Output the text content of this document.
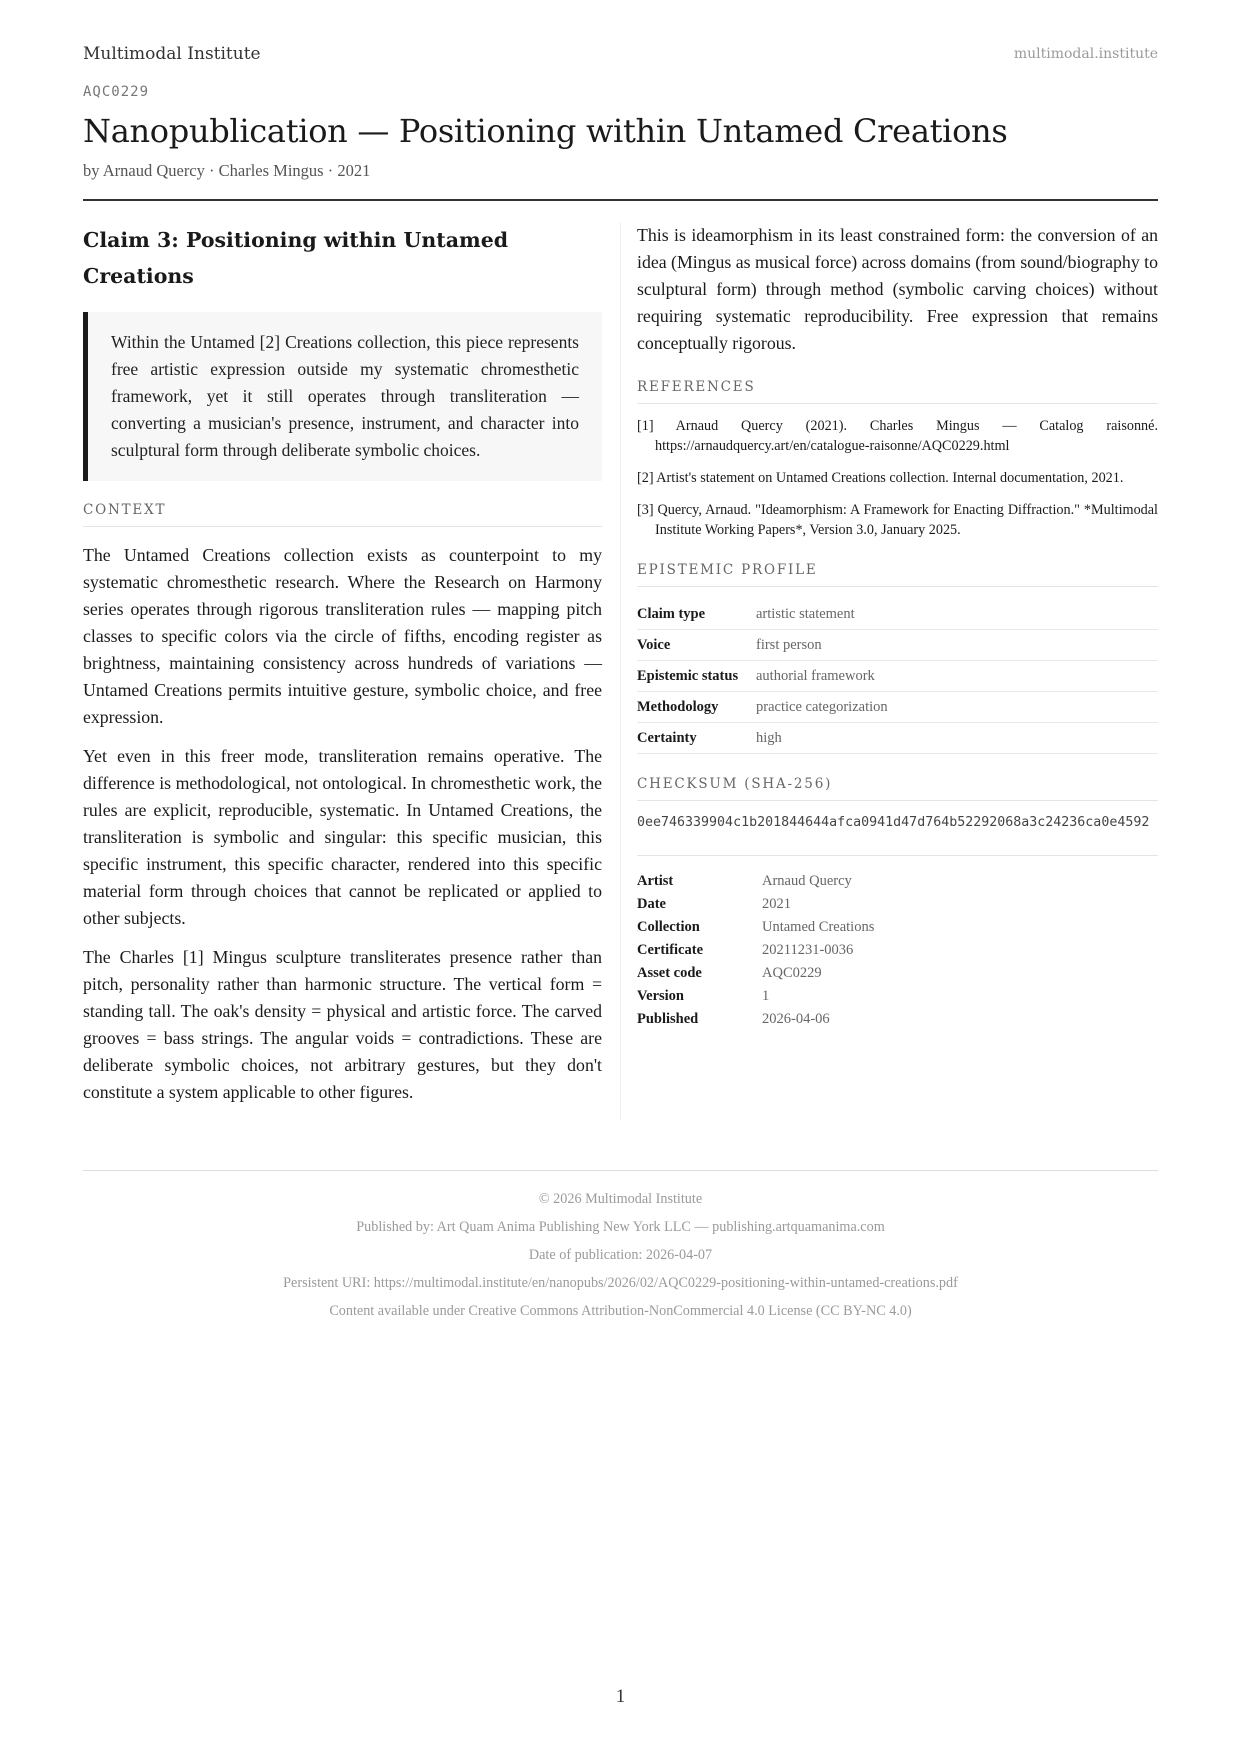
Multimodal Institute	multimodal.institute
AQC0229
Nanopublication — Positioning within Untamed Creations
by Arnaud Quercy · Charles Mingus · 2021
Claim 3: Positioning within Untamed Creations
Within the Untamed [2] Creations collection, this piece represents free artistic expression outside my systematic chromesthetic framework, yet it still operates through transliteration — converting a musician's presence, instrument, and character into sculptural form through deliberate symbolic choices.
CONTEXT

The Untamed Creations collection exists as counterpoint to my systematic chromesthetic research. Where the Research on Harmony series operates through rigorous transliteration rules — mapping pitch classes to specific colors via the circle of fifths, encoding register as brightness, maintaining consistency across hundreds of variations — Untamed Creations permits intuitive gesture, symbolic choice, and free expression.

Yet even in this freer mode, transliteration remains operative. The difference is methodological, not ontological. In chromesthetic work, the rules are explicit, reproducible, systematic. In Untamed Creations, the transliteration is symbolic and singular: this specific musician, this specific instrument, this specific character, rendered into this specific material form through choices that cannot be replicated or applied to other subjects.

The Charles [1] Mingus sculpture transliterates presence rather than pitch, personality rather than harmonic structure. The vertical form = standing tall. The oak's density = physical and artistic force. The carved grooves = bass strings. The angular voids = contradictions. These are deliberate symbolic choices, not arbitrary gestures, but they don't constitute a system applicable to other figures.

This is ideamorphism in its least constrained form: the conversion of an idea (Mingus as musical force) across domains (from sound/biography to sculptural form) through method (symbolic carving choices) without requiring systematic reproducibility. Free expression that remains conceptually rigorous.

REFERENCES
[1] Arnaud Quercy (2021). Charles Mingus — Catalog raisonné. https://arnaudquercy.art/en/catalogue-raisonne/AQC0229.html
[2] Artist's statement on Untamed Creations collection. Internal documentation, 2021.
[3] Quercy, Arnaud. "Ideamorphism: A Framework for Enacting Diffraction." *Multimodal Institute Working Papers*, Version 3.0, January 2025.
EPISTEMIC PROFILE
Claim type	artistic statement
Voice	first person
Epistemic status	authorial framework
Methodology	practice categorization
Certainty	high
CHECKSUM (SHA-256)
0ee746339904c1b201844644afca0941d47d764b52292068a3c24236ca0e4592
Artist	Arnaud Quercy
Date	2021
Collection	Untamed Creations
Certificate	20211231-0036
Asset code	AQC0229
Version	1
Published	2026-04-06
© 2026 Multimodal Institute
Published by: Art Quam Anima Publishing New York LLC — publishing.artquamanima.com
Date of publication: 2026-04-07
Persistent URI: https://multimodal.institute/en/nanopubs/2026/02/AQC0229-positioning-within-untamed-creations.pdf
Content available under Creative Commons Attribution-NonCommercial 4.0 License (CC BY-NC 4.0)
1
